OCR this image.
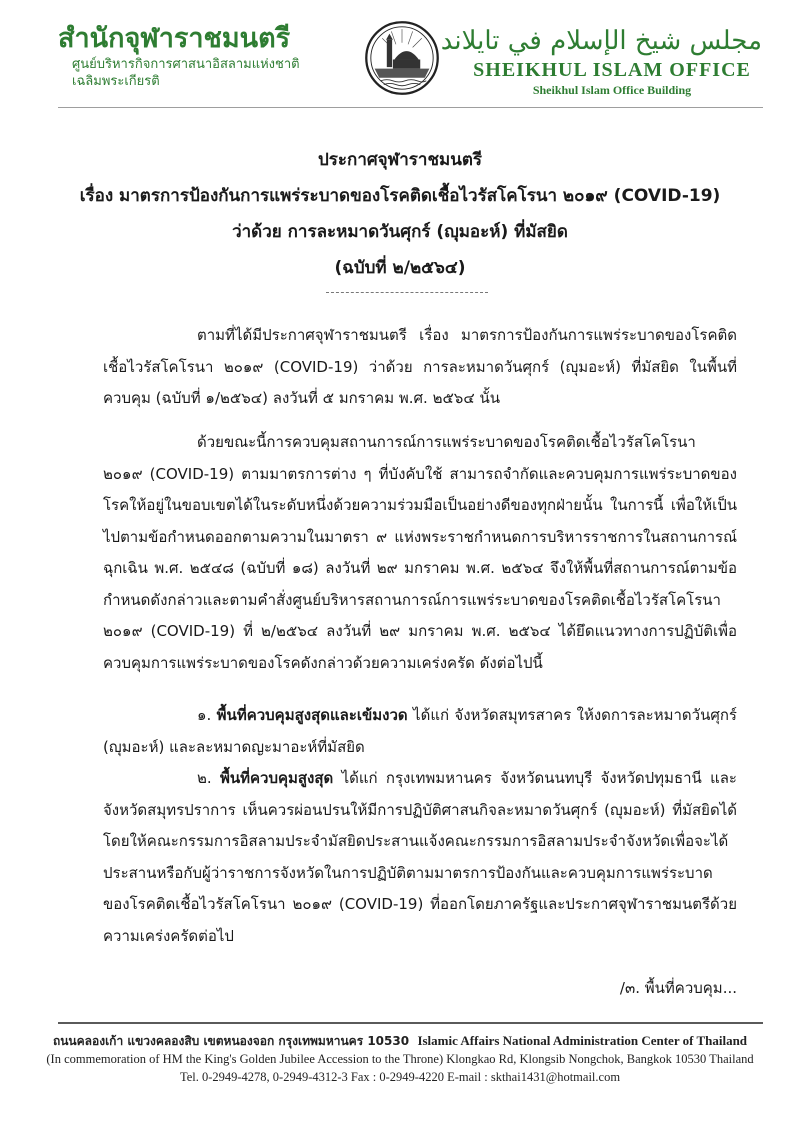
สำนักจุฬาราชมนตรี
ศูนย์บริหารกิจการศาสนาอิสลามแห่งชาติ
เฉลิมพระเกียรติ
مجلس شيخ الإسلام في تايلاند
SHEIKHUL ISLAM OFFICE
Sheikhul Islam Office Building
ประกาศจุฬาราชมนตรี
เรื่อง มาตรการป้องกันการแพร่ระบาดของโรคติดเชื้อไวรัสโคโรนา ๒๐๑๙ (COVID-19)
ว่าด้วย การละหมาดวันศุกร์ (ญุมอะห์) ที่มัสยิด
(ฉบับที่ ๒/๒๕๖๔)
ตามที่ได้มีประกาศจุฬาราชมนตรี เรื่อง มาตรการป้องกันการแพร่ระบาดของโรคติดเชื้อไวรัสโคโรนา ๒๐๑๙ (COVID-19) ว่าด้วย การละหมาดวันศุกร์ (ญุมอะห์) ที่มัสยิด ในพื้นที่ควบคุม (ฉบับที่ ๑/๒๕๖๔) ลงวันที่ ๕ มกราคม พ.ศ. ๒๕๖๔ นั้น
ด้วยขณะนี้การควบคุมสถานการณ์การแพร่ระบาดของโรคติดเชื้อไวรัสโคโรนา ๒๐๑๙ (COVID-19) ตามมาตรการต่าง ๆ ที่บังคับใช้ สามารถจำกัดและควบคุมการแพร่ระบาดของโรคให้อยู่ในขอบเขตได้ในระดับหนึ่งด้วยความร่วมมือเป็นอย่างดีของทุกฝ่ายนั้น ในการนี้ เพื่อให้เป็นไปตามข้อกำหนดออกตามความในมาตรา ๙ แห่งพระราชกำหนดการบริหารราชการในสถานการณ์ฉุกเฉิน พ.ศ. ๒๕๔๘ (ฉบับที่ ๑๘) ลงวันที่ ๒๙ มกราคม พ.ศ. ๒๕๖๔ จึงให้พื้นที่สถานการณ์ตามข้อกำหนดดังกล่าวและตามคำสั่งศูนย์บริหารสถานการณ์การแพร่ระบาดของโรคติดเชื้อไวรัสโคโรนา ๒๐๑๙ (COVID-19) ที่ ๒/๒๕๖๔ ลงวันที่ ๒๙ มกราคม พ.ศ. ๒๕๖๔ ได้ยึดแนวทางการปฏิบัติเพื่อควบคุมการแพร่ระบาดของโรคดังกล่าวด้วยความเคร่งครัด ดังต่อไปนี้
๑. พื้นที่ควบคุมสูงสุดและเข้มงวด ได้แก่ จังหวัดสมุทรสาคร ให้งดการละหมาดวันศุกร์ (ญุมอะห์) และละหมาดญะมาอะห์ที่มัสยิด
๒. พื้นที่ควบคุมสูงสุด ได้แก่ กรุงเทพมหานคร จังหวัดนนทบุรี จังหวัดปทุมธานี และจังหวัดสมุทรปราการ เห็นควรผ่อนปรนให้มีการปฏิบัติศาสนกิจละหมาดวันศุกร์ (ญุมอะห์) ที่มัสยิดได้ โดยให้คณะกรรมการอิสลามประจำมัสยิดประสานแจ้งคณะกรรมการอิสลามประจำจังหวัดเพื่อจะได้ประสานหรือกับผู้ว่าราชการจังหวัดในการปฏิบัติตามมาตรการป้องกันและควบคุมการแพร่ระบาดของโรคติดเชื้อไวรัสโคโรนา ๒๐๑๙ (COVID-19) ที่ออกโดยภาครัฐและประกาศจุฬาราชมนตรีด้วยความเคร่งครัดต่อไป
/๓. พื้นที่ควบคุม...
ถนนคลองเก้า แขวงคลองสิบ เขตหนองจอก กรุงเทพมหานคร 10530 Islamic Affairs National Administration Center of Thailand
(In commemoration of HM the King's Golden Jubilee Accession to the Throne) Klongkao Rd, Klongsib Nongchok, Bangkok 10530 Thailand
Tel. 0-2949-4278, 0-2949-4312-3 Fax : 0-2949-4220 E-mail : skthai1431@hotmail.com
